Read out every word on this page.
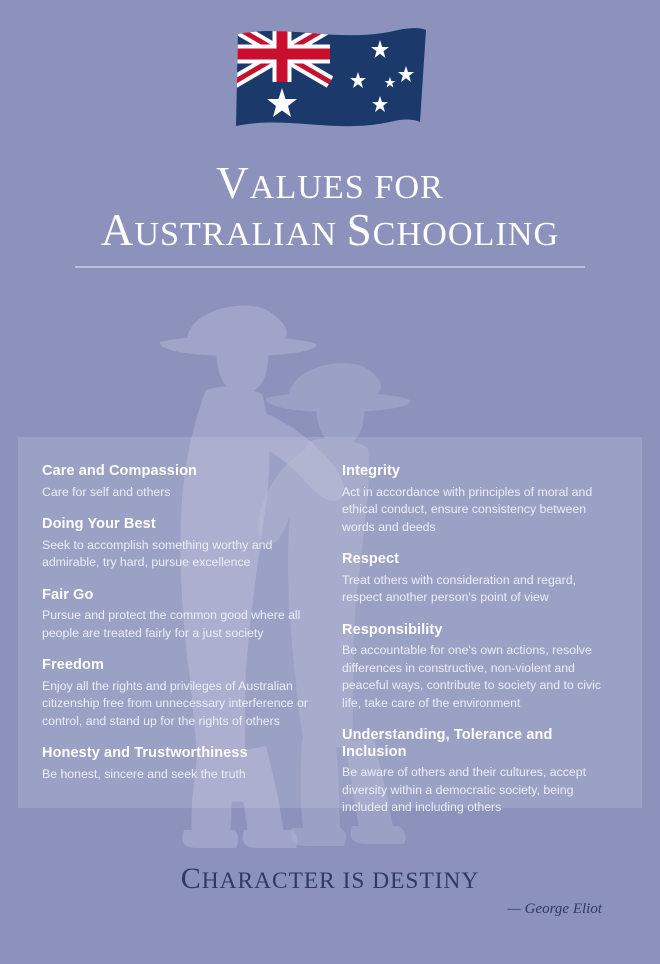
VALUES FOR
AUSTRALIAN SCHOOLING

Care and Compassion

Care for self and others

Doing Your Best

Seek to accomplish something worthy and admirable, try hard, pursue excellence

Fair Go

Pursue and protect the common good where all people are treated fairly for a just society

Freedom

Enjoy all the rights and privileges of Australian citizenship free from unnecessary interference or control, and stand up for the rights of others

Honesty and Trustworthiness

Be honest, sincere and seek the truth

Integrity

Act in accordance with principles of moral and ethical conduct, ensure consistency between words and deeds

Respect

Treat others with consideration and regard, respect another person's point of view

Responsibility

Be accountable for one's own actions, resolve differences in constructive, non-violent and peaceful ways, contribute to society and to civic life, take care of the environment

Understanding, Tolerance and Inclusion

Be aware of others and their cultures, accept diversity within a democratic society, being included and including others

CHARACTER IS DESTINY
— George Eliot
